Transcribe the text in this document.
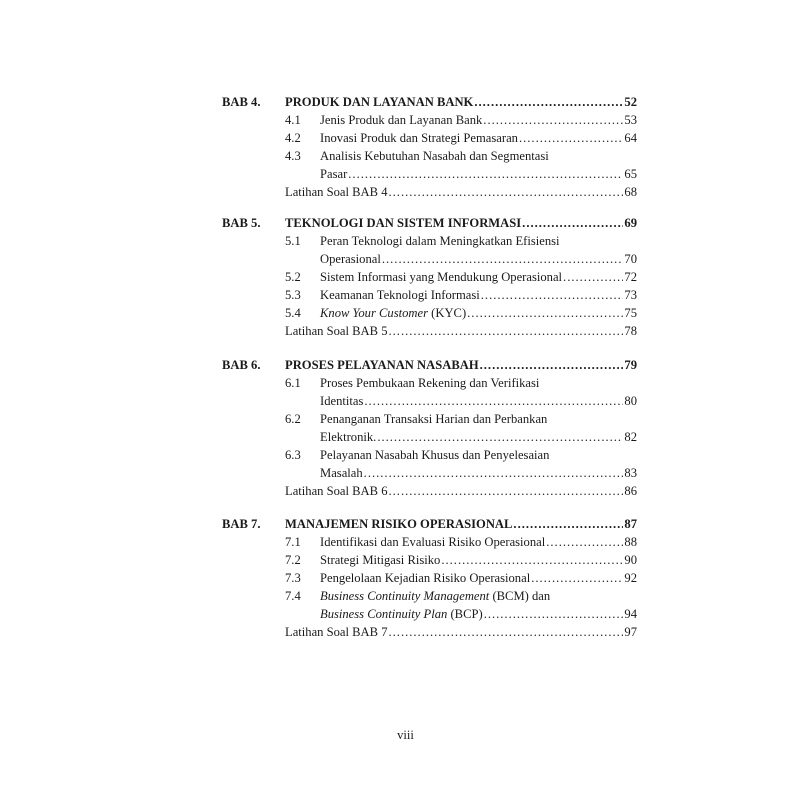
BAB 4. PRODUK DAN LAYANAN BANK .....	52
4.1 Jenis Produk dan Layanan Bank .....	53
4.2 Inovasi Produk dan Strategi Pemasaran .....	64
4.3 Analisis Kebutuhan Nasabah dan Segmentasi
Pasar .....	65
Latihan Soal BAB 4 .....	68
BAB 5. TEKNOLOGI DAN SISTEM INFORMASI .....	69
5.1 Peran Teknologi dalam Meningkatkan Efisiensi
Operasional .....	70
5.2 Sistem Informasi yang Mendukung Operasional .....	72
5.3 Keamanan Teknologi Informasi .....	73
5.4 Know Your Customer (KYC) .....	75
Latihan Soal BAB 5 .....	78
BAB 6. PROSES PELAYANAN NASABAH .....	79
6.1 Proses Pembukaan Rekening dan Verifikasi
Identitas .....	80
6.2 Penanganan Transaksi Harian dan Perbankan
Elektronik. .....	82
6.3 Pelayanan Nasabah Khusus dan Penyelesaian
Masalah .....	83
Latihan Soal BAB 6 .....	86
BAB 7. MANAJEMEN RISIKO OPERASIONAL .....	87
7.1 Identifikasi dan Evaluasi Risiko Operasional .....	88
7.2 Strategi Mitigasi Risiko .....	90
7.3 Pengelolaan Kejadian Risiko Operasional .....	92
7.4 Business Continuity Management (BCM) dan
Business Continuity Plan (BCP) .....	94
Latihan Soal BAB 7 .....	97
viii
